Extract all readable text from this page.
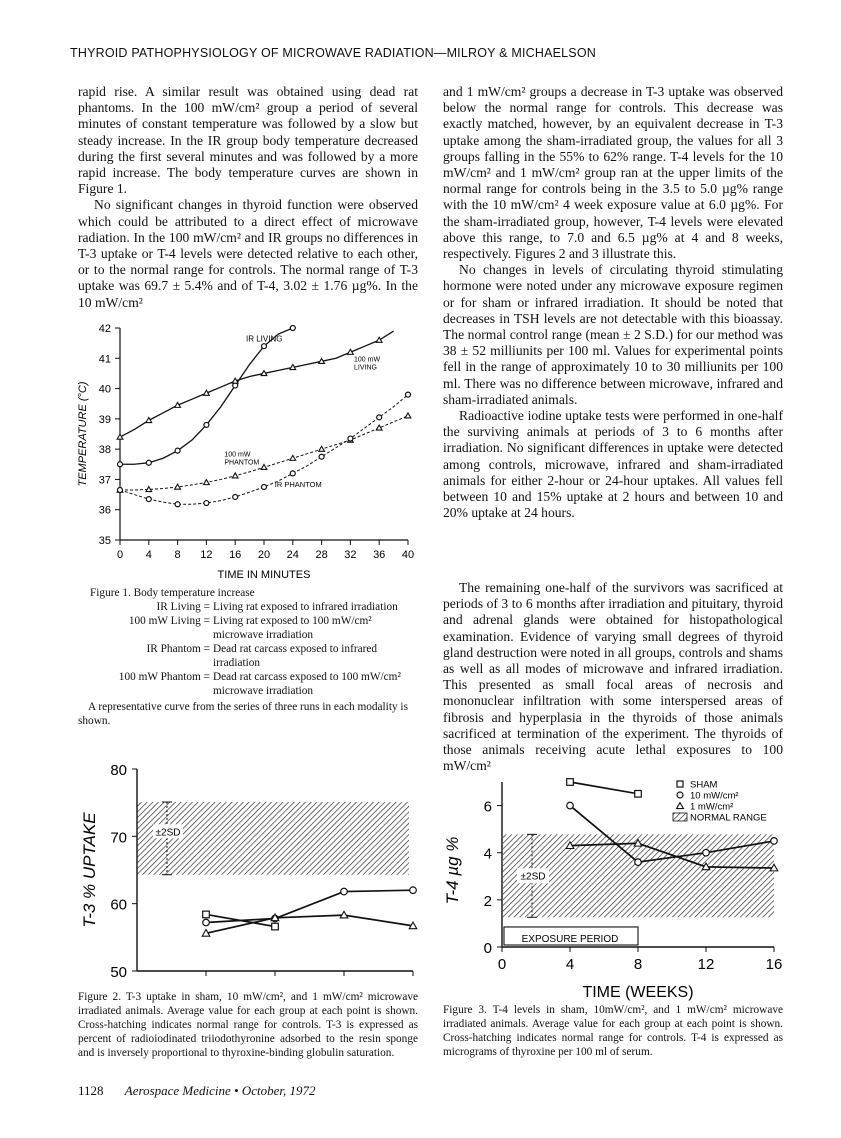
THYROID PATHOPHYSIOLOGY OF MICROWAVE RADIATION—MILROY & MICHAELSON

rapid rise. A similar result was obtained using dead rat phantoms. In the 100 mW/cm² group a period of several minutes of constant temperature was followed by a slow but steady increase. In the IR group body temperature decreased during the first several minutes and was followed by a more rapid increase. The body temperature curves are shown in Figure 1.

No significant changes in thyroid function were observed which could be attributed to a direct effect of microwave radiation. In the 100 mW/cm² and IR groups no differences in T-3 uptake or T-4 levels were detected relative to each other, or to the normal range for controls. The normal range of T-3 uptake was 69.7 ± 5.4% and of T-4, 3.02 ± 1.76 µg%. In the 10 mW/cm²

and 1 mW/cm² groups a decrease in T-3 uptake was observed below the normal range for controls. This decrease was exactly matched, however, by an equivalent decrease in T-3 uptake among the sham-irradiated group, the values for all 3 groups falling in the 55% to 62% range. T-4 levels for the 10 mW/cm² and 1 mW/cm² group ran at the upper limits of the normal range for controls being in the 3.5 to 5.0 µg% range with the 10 mW/cm² 4 week exposure value at 6.0 µg%. For the sham-irradiated group, however, T-4 levels were elevated above this range, to 7.0 and 6.5 µg% at 4 and 8 weeks, respectively. Figures 2 and 3 illustrate this.

No changes in levels of circulating thyroid stimulating hormone were noted under any microwave exposure regimen or for sham or infrared irradiation. It should be noted that decreases in TSH levels are not detectable with this bioassay. The normal control range (mean ± 2 S.D.) for our method was 38 ± 52 milliunits per 100 ml. Values for experimental points fell in the range of approximately 10 to 30 milliunits per 100 ml. There was no difference between microwave, infrared and sham-irradiated animals.

Radioactive iodine uptake tests were performed in one-half the surviving animals at periods of 3 to 6 months after irradiation. No significant differences in uptake were detected among controls, microwave, infrared and sham-irradiated animals for either 2-hour or 24-hour uptakes. All values fell between 10 and 15% uptake at 2 hours and between 10 and 20% uptake at 24 hours.

The remaining one-half of the survivors was sacrificed at periods of 3 to 6 months after irradiation and pituitary, thyroid and adrenal glands were obtained for histopathological examination. Evidence of varying small degrees of thyroid gland destruction were noted in all groups, controls and shams as well as all modes of microwave and infrared irradiation. This presented as small focal areas of necrosis and mononuclear infiltration with some interspersed areas of fibrosis and hyperplasia in the thyroids of those animals sacrificed at termination of the experiment. The thyroids of those animals receiving acute lethal exposures to 100 mW/cm²

35
36
37
38
39
40
41
42
0 4 8 12 16 20 24 28 32 36 40
TIME IN MINUTES
TEMPERATURE (°C)
IR LIVING
100 mW LIVING
100 mW PHANTOM
IR PHANTOM
Figure 1. Body temperature increase
IR Living = Living rat exposed to infrared irradiation
100 mW Living = Living rat exposed to 100 mW/cm² microwave irradiation
IR Phantom = Dead rat carcass exposed to infrared irradiation
100 mW Phantom = Dead rat carcass exposed to 100 mW/cm² microwave irradiation
A representative curve from the series of three runs in each modality is shown.
50
60
70
80
±2SD
T-3 % UPTAKE
Figure 2. T-3 uptake in sham, 10 mW/cm², and 1 mW/cm² microwave irradiated animals. Average value for each group at each point is shown. Cross-hatching indicates normal range for controls. T-3 is expressed as percent of radioiodinated triiodothyronine adsorbed to the resin sponge and is inversely proportional to thyroxine-binding globulin saturation.
0
2
4
6
0	4	8	12	16
TIME (WEEKS)
T-4 µg %	±2SD
EXPOSURE PERIOD
SHAM
10 mW/cm²
1 mW/cm²
NORMAL RANGE
Figure 3. T-4 levels in sham, 10mW/cm², and 1 mW/cm² microwave irradiated animals. Average value for each group at each point is shown. Cross-hatching indicates normal range for controls. T-4 is expressed as micrograms of thyroxine per 100 ml of serum.
1128 Aerospace Medicine • October, 1972
